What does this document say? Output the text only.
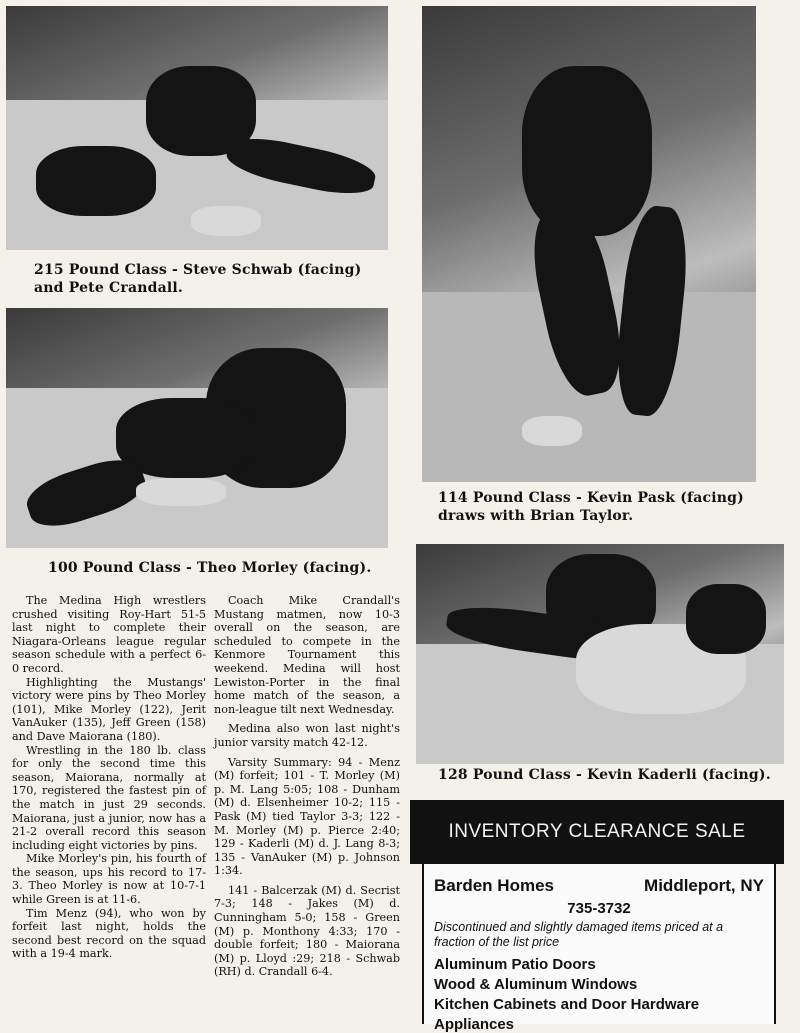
215 Pound Class - Steve Schwab (facing)
and Pete Crandall.
114 Pound Class - Kevin Pask (facing)
draws with Brian Taylor.
100 Pound Class - Theo Morley (facing).
128 Pound Class - Kevin Kaderli (facing).

The Medina High wrestlers crushed visiting Roy-Hart 51-5 last night to complete their Niagara-Orleans league regular season schedule with a perfect 6-0 record.

Highlighting the Mustangs' victory were pins by Theo Morley (101), Mike Morley (122), Jerit VanAuker (135), Jeff Green (158) and Dave Maiorana (180).

Wrestling in the 180 lb. class for only the second time this season, Maiorana, normally at 170, registered the fastest pin of the match in just 29 seconds. Maiorana, just a junior, now has a 21-2 overall record this season including eight victories by pins.

Mike Morley's pin, his fourth of the season, ups his record to 17-3. Theo Morley is now at 10-7-1 while Green is at 11-6.

Tim Menz (94), who won by forfeit last night, holds the second best record on the squad with a 19-4 mark.

Coach Mike Crandall's Mustang matmen, now 10-3 overall on the season, are scheduled to compete in the Kenmore Tournament this weekend. Medina will host Lewiston-Porter in the final home match of the season, a non-league tilt next Wednesday.

Medina also won last night's junior varsity match 42-12.

Varsity Summary: 94 - Menz (M) forfeit; 101 - T. Morley (M) p. M. Lang 5:05; 108 - Dunham (M) d. Elsenheimer 10-2; 115 - Pask (M) tied Taylor 3-3; 122 - M. Morley (M) p. Pierce 2:40; 129 - Kaderli (M) d. J. Lang 8-3; 135 - VanAuker (M) p. Johnson 1:34.

141 - Balcerzak (M) d. Secrist 7-3; 148 - Jakes (M) d. Cunningham 5-0; 158 - Green (M) p. Monthony 4:33; 170 - double forfeit; 180 - Maiorana (M) p. Lloyd :29; 218 - Schwab (RH) d. Crandall 6-4.

INVENTORY CLEARANCE SALE
Barden Homes	Middleport, NY
735-3732
Discontinued and slightly damaged items priced at a fraction of the list price
Aluminum Patio Doors
Wood & Aluminum Windows
Kitchen Cabinets and Door Hardware
Appliances
